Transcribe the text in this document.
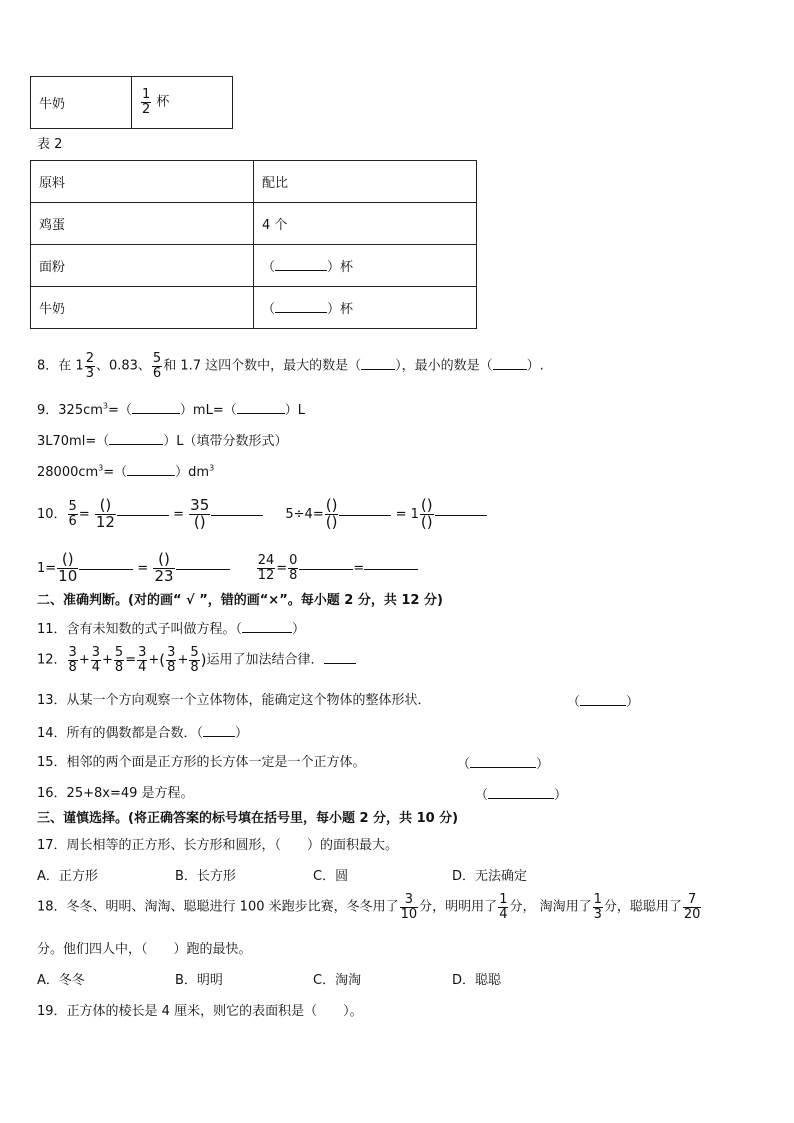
牛奶	$\frac{1}{2}$ 杯
表 2
原料	配比
鸡蛋	4 个
面粉	（ ）杯
牛奶	（ ）杯
8．在 $1 \frac{2}{3}$ 、0.83、 $\frac{5}{6}$ 和 1.7 这四个数中，最大的数是（	），最小的数是（	）.
9．$325cm^3=$（	）mL=（	）L
3L70ml=（	）L（填带分数形式）
$28000cm^3=$（	）$dm^3$
10． $\frac{5}{6} = \frac{()}{12}$	= $\frac{35}{()}$	$5\div 4= \frac{()}{()}$	= $1 \frac{()}{()}$
$1= \frac{()}{10}$	= $\frac{()}{23}$
	$\frac{24}{12} = \frac{0}{8}$	=
二、准确判断。(对的画“ √ ”，错的画“×”。每小题 2 分，共 12 分)
11．含有未知数的式子叫做方程。（	）
12． $\frac{3}{8} + \frac{3}{4} + \frac{5}{8} = \frac{3}{4}$ +( $\frac{3}{8} + \frac{5}{8}$ )运用了加法结合律．
13．从某一个方向观察一个立体物体，能确定这个物体的整体形状．	（	）
14．所有的偶数都是合数．（ ）
15．相邻的两个面是正方形的长方体一定是一个正方体。	（	）
16．25+8x=49 是方程。	（	）
三、谨慎选择。(将正确答案的标号填在括号里，每小题 2 分，共 10 分)
17．周长相等的正方形、长方形和圆形，（　　）的面积最大。
A．正方形	B．长方形	C．圆	D．无法确定
18．冬冬、明明、淘淘、聪聪进行 100 米跑步比赛，冬冬用了 $\frac{3}{10}$ 分，明明用了 $\frac{1}{4}$ 分， 淘淘用了 $\frac{1}{3}$ 分，聪聪用了 $\frac{7}{20}$
分。他们四人中，（　　）跑的最快。
A．冬冬	B．明明	C．淘淘	D．聪聪
19．正方体的棱长是 4 厘米，则它的表面积是（　　）。
